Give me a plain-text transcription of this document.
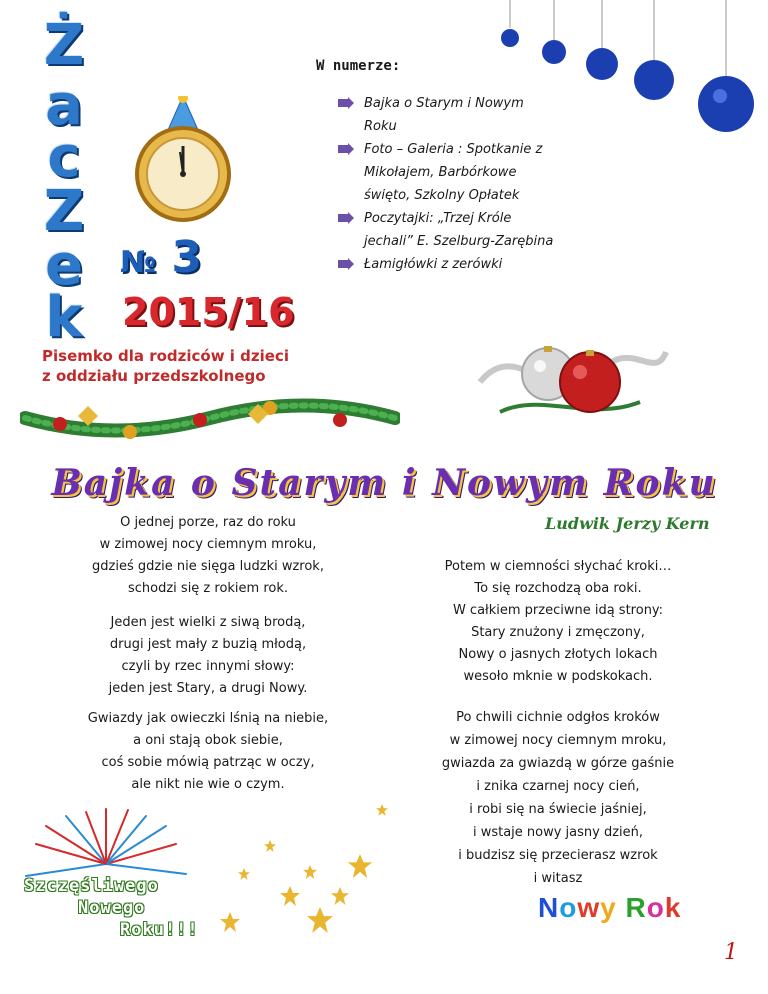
Ż
a
c
Z
e
k
№ 3
2015/16
Pisemko dla rodziców i dzieci
z oddziału przedszkolnego
W numerze:
Bajka o Starym i Nowym Roku
Foto – Galeria : Spotkanie z Mikołajem, Barbórkowe święto, Szkolny Opłatek
Poczytajki: „Trzej Króle jechali” E. Szelburg-Zarębina
Łamigłówki z zerówki
Bajka o Starym i Nowym Roku
Ludwik Jerzy Kern
O jednej porze, raz do roku
w zimowej nocy ciemnym mroku,
gdzieś gdzie nie sięga ludzki wzrok,
schodzi się z rokiem rok.
Jeden jest wielki z siwą brodą,
drugi jest mały z buzią młodą,
czyli by rzec innymi słowy:
jeden jest Stary, a drugi Nowy.
Gwiazdy jak owieczki lśnią na niebie,
a oni stają obok siebie,
coś sobie mówią patrząc w oczy,
ale nikt nie wie o czym.
Potem w ciemności słychać kroki…
To się rozchodzą oba roki.
W całkiem przeciwne idą strony:
Stary znużony i zmęczony,
Nowy o jasnych złotych lokach
wesoło mknie w podskokach.
Po chwili cichnie odgłos kroków
w zimowej nocy ciemnym mroku,
gwiazda za gwiazdą w górze gaśnie
i znika czarnej nocy cień,
i robi się na świecie jaśniej,
i wstaje nowy jasny dzień,
i budzisz się przecierasz wzrok
i witasz
Nowy Rok
Szczęśliwego
Nowego
Roku!!!
1
